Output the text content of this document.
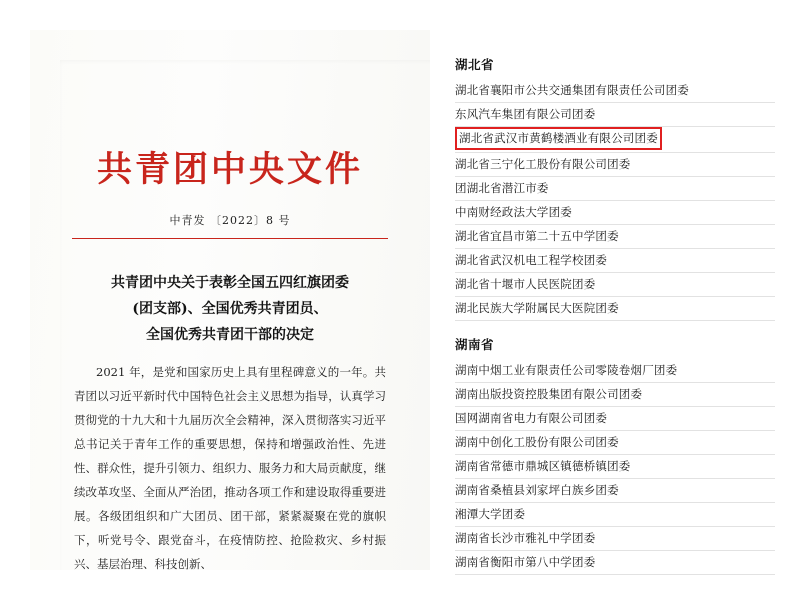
共青团中央文件
中青发 〔2022〕8 号
共青团中央关于表彰全国五四红旗团委
(团支部)、全国优秀共青团员、
全国优秀共青团干部的决定
2021 年，是党和国家历史上具有里程碑意义的一年。共青团以习近平新时代中国特色社会主义思想为指导，认真学习贯彻党的十九大和十九届历次全会精神，深入贯彻落实习近平总书记关于青年工作的重要思想，保持和增强政治性、先进性、群众性，提升引领力、组织力、服务力和大局贡献度，继续改革攻坚、全面从严治团，推动各项工作和建设取得重要进展。各级团组织和广大团员、团干部，紧紧凝聚在党的旗帜下，听党号令、跟党奋斗，在疫情防控、抢险救灾、乡村振兴、基层治理、科技创新、
湖北省
湖北省襄阳市公共交通集团有限责任公司团委
东风汽车集团有限公司团委
湖北省武汉市黄鹤楼酒业有限公司团委
湖北省三宁化工股份有限公司团委
团湖北省潜江市委
中南财经政法大学团委
湖北省宜昌市第二十五中学团委
湖北省武汉机电工程学校团委
湖北省十堰市人民医院团委
湖北民族大学附属民大医院团委
湖南省
湖南中烟工业有限责任公司零陵卷烟厂团委
湖南出版投资控股集团有限公司团委
国网湖南省电力有限公司团委
湖南中创化工股份有限公司团委
湖南省常德市鼎城区镇德桥镇团委
湖南省桑植县刘家坪白族乡团委
湘潭大学团委
湖南省长沙市雅礼中学团委
湖南省衡阳市第八中学团委
